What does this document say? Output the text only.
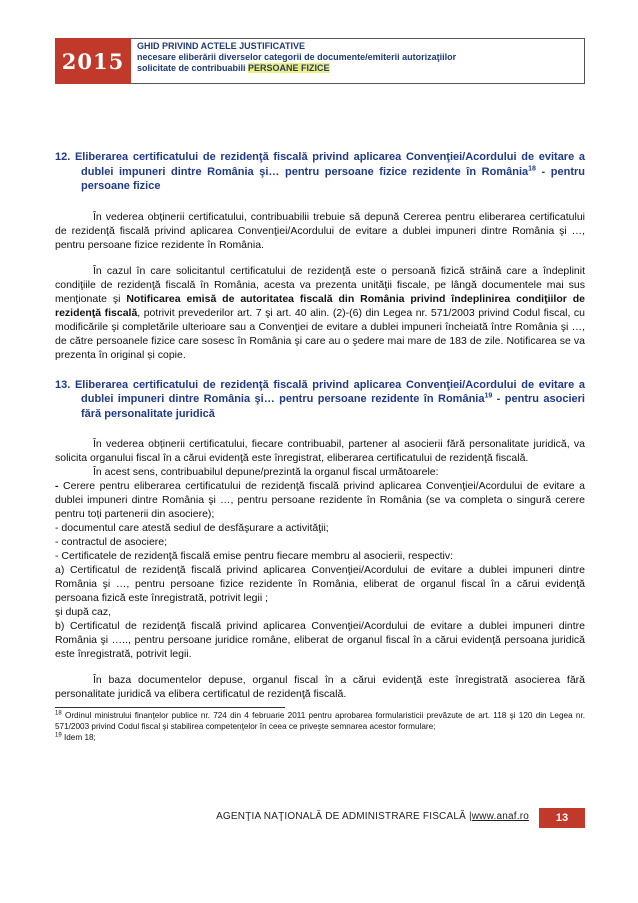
2015
GHID PRIVIND ACTELE JUSTIFICATIVE
necesare eliberării diverselor categorii de documente/emiterii autorizaţiilor
solicitate de contribuabili PERSOANE FIZICE
12. Eliberarea certificatului de rezidenţă fiscală privind aplicarea Convenţiei/Acordului de evitare a dublei impuneri dintre România şi… pentru persoane fizice rezidente în România$^{18}$ - pentru persoane fizice

În vederea obținerii certificatului, contribuabilii trebuie să depună Cererea pentru eliberarea certificatului de rezidenţă fiscală privind aplicarea Convenţiei/Acordului de evitare a dublei impuneri dintre România şi …, pentru persoane fizice rezidente în România.

În cazul în care solicitantul certificatului de rezidenţă este o persoană fizică străină care a îndeplinit condiţiile de rezidenţă fiscală în România, acesta va prezenta unităţii fiscale, pe lângă documentele mai sus menţionate şi Notificarea emisă de autoritatea fiscală din România privind îndeplinirea condiţiilor de rezidenţă fiscală, potrivit prevederilor art. 7 şi art. 40 alin. (2)-(6) din Legea nr. 571/2003 privind Codul fiscal, cu modificările şi completările ulterioare sau a Convenţiei de evitare a dublei impuneri încheiată între România şi …, de către persoanele fizice care sosesc în România şi care au o şedere mai mare de 183 de zile. Notificarea se va prezenta în original și copie.

13. Eliberarea certificatului de rezidenţă fiscală privind aplicarea Convenţiei/Acordului de evitare a dublei impuneri dintre România şi… pentru persoane rezidente în România$^{19}$ - pentru asocieri fără personalitate juridică

În vederea obținerii certificatului, fiecare contribuabil, partener al asocierii fără personalitate juridică, va solicita organului fiscal în a cărui evidenţă este înregistrat, eliberarea certificatului de rezidenţă fiscală.

În acest sens, contribuabilul depune/prezintă la organul fiscal următoarele:

- Cerere pentru eliberarea certificatului de rezidenţă fiscală privind aplicarea Convenţiei/Acordului de evitare a dublei impuneri dintre România şi …, pentru persoane rezidente în România (se va completa o singură cerere pentru toți partenerii din asociere);

- documentul care atestă sediul de desfăşurare a activităţii;

- contractul de asociere;

- Certificatele de rezidenţă fiscală emise pentru fiecare membru al asocierii, respectiv:

a) Certificatul de rezidenţă fiscală privind aplicarea Convenţiei/Acordului de evitare a dublei impuneri dintre România şi …, pentru persoane fizice rezidente în România, eliberat de organul fiscal în a cărui evidenţă persoana fizică este înregistrată, potrivit legii ;

şi după caz,

b) Certificatul de rezidenţă fiscală privind aplicarea Convenţiei/Acordului de evitare a dublei impuneri dintre România şi ….., pentru persoane juridice române, eliberat de organul fiscal în a cărui evidenţă persoana juridică este înregistrată, potrivit legii.

În baza documentelor depuse, organul fiscal în a cărui evidenţă este înregistrată asocierea fără personalitate juridică va elibera certificatul de rezidenţă fiscală.

$^{18}$ Ordinul ministrului finanţelor publice nr. 724 din 4 februarie 2011 pentru aprobarea formularisticii prevăzute de art. 118 şi 120 din Legea nr. 571/2003 privind Codul fiscal şi stabilirea competenţelor în ceea ce priveşte semnarea acestor formulare;

$^{19}$ Idem 18;

AGENŢIA NAŢIONALĂ DE ADMINISTRARE FISCALĂ |www.anaf.ro	13
